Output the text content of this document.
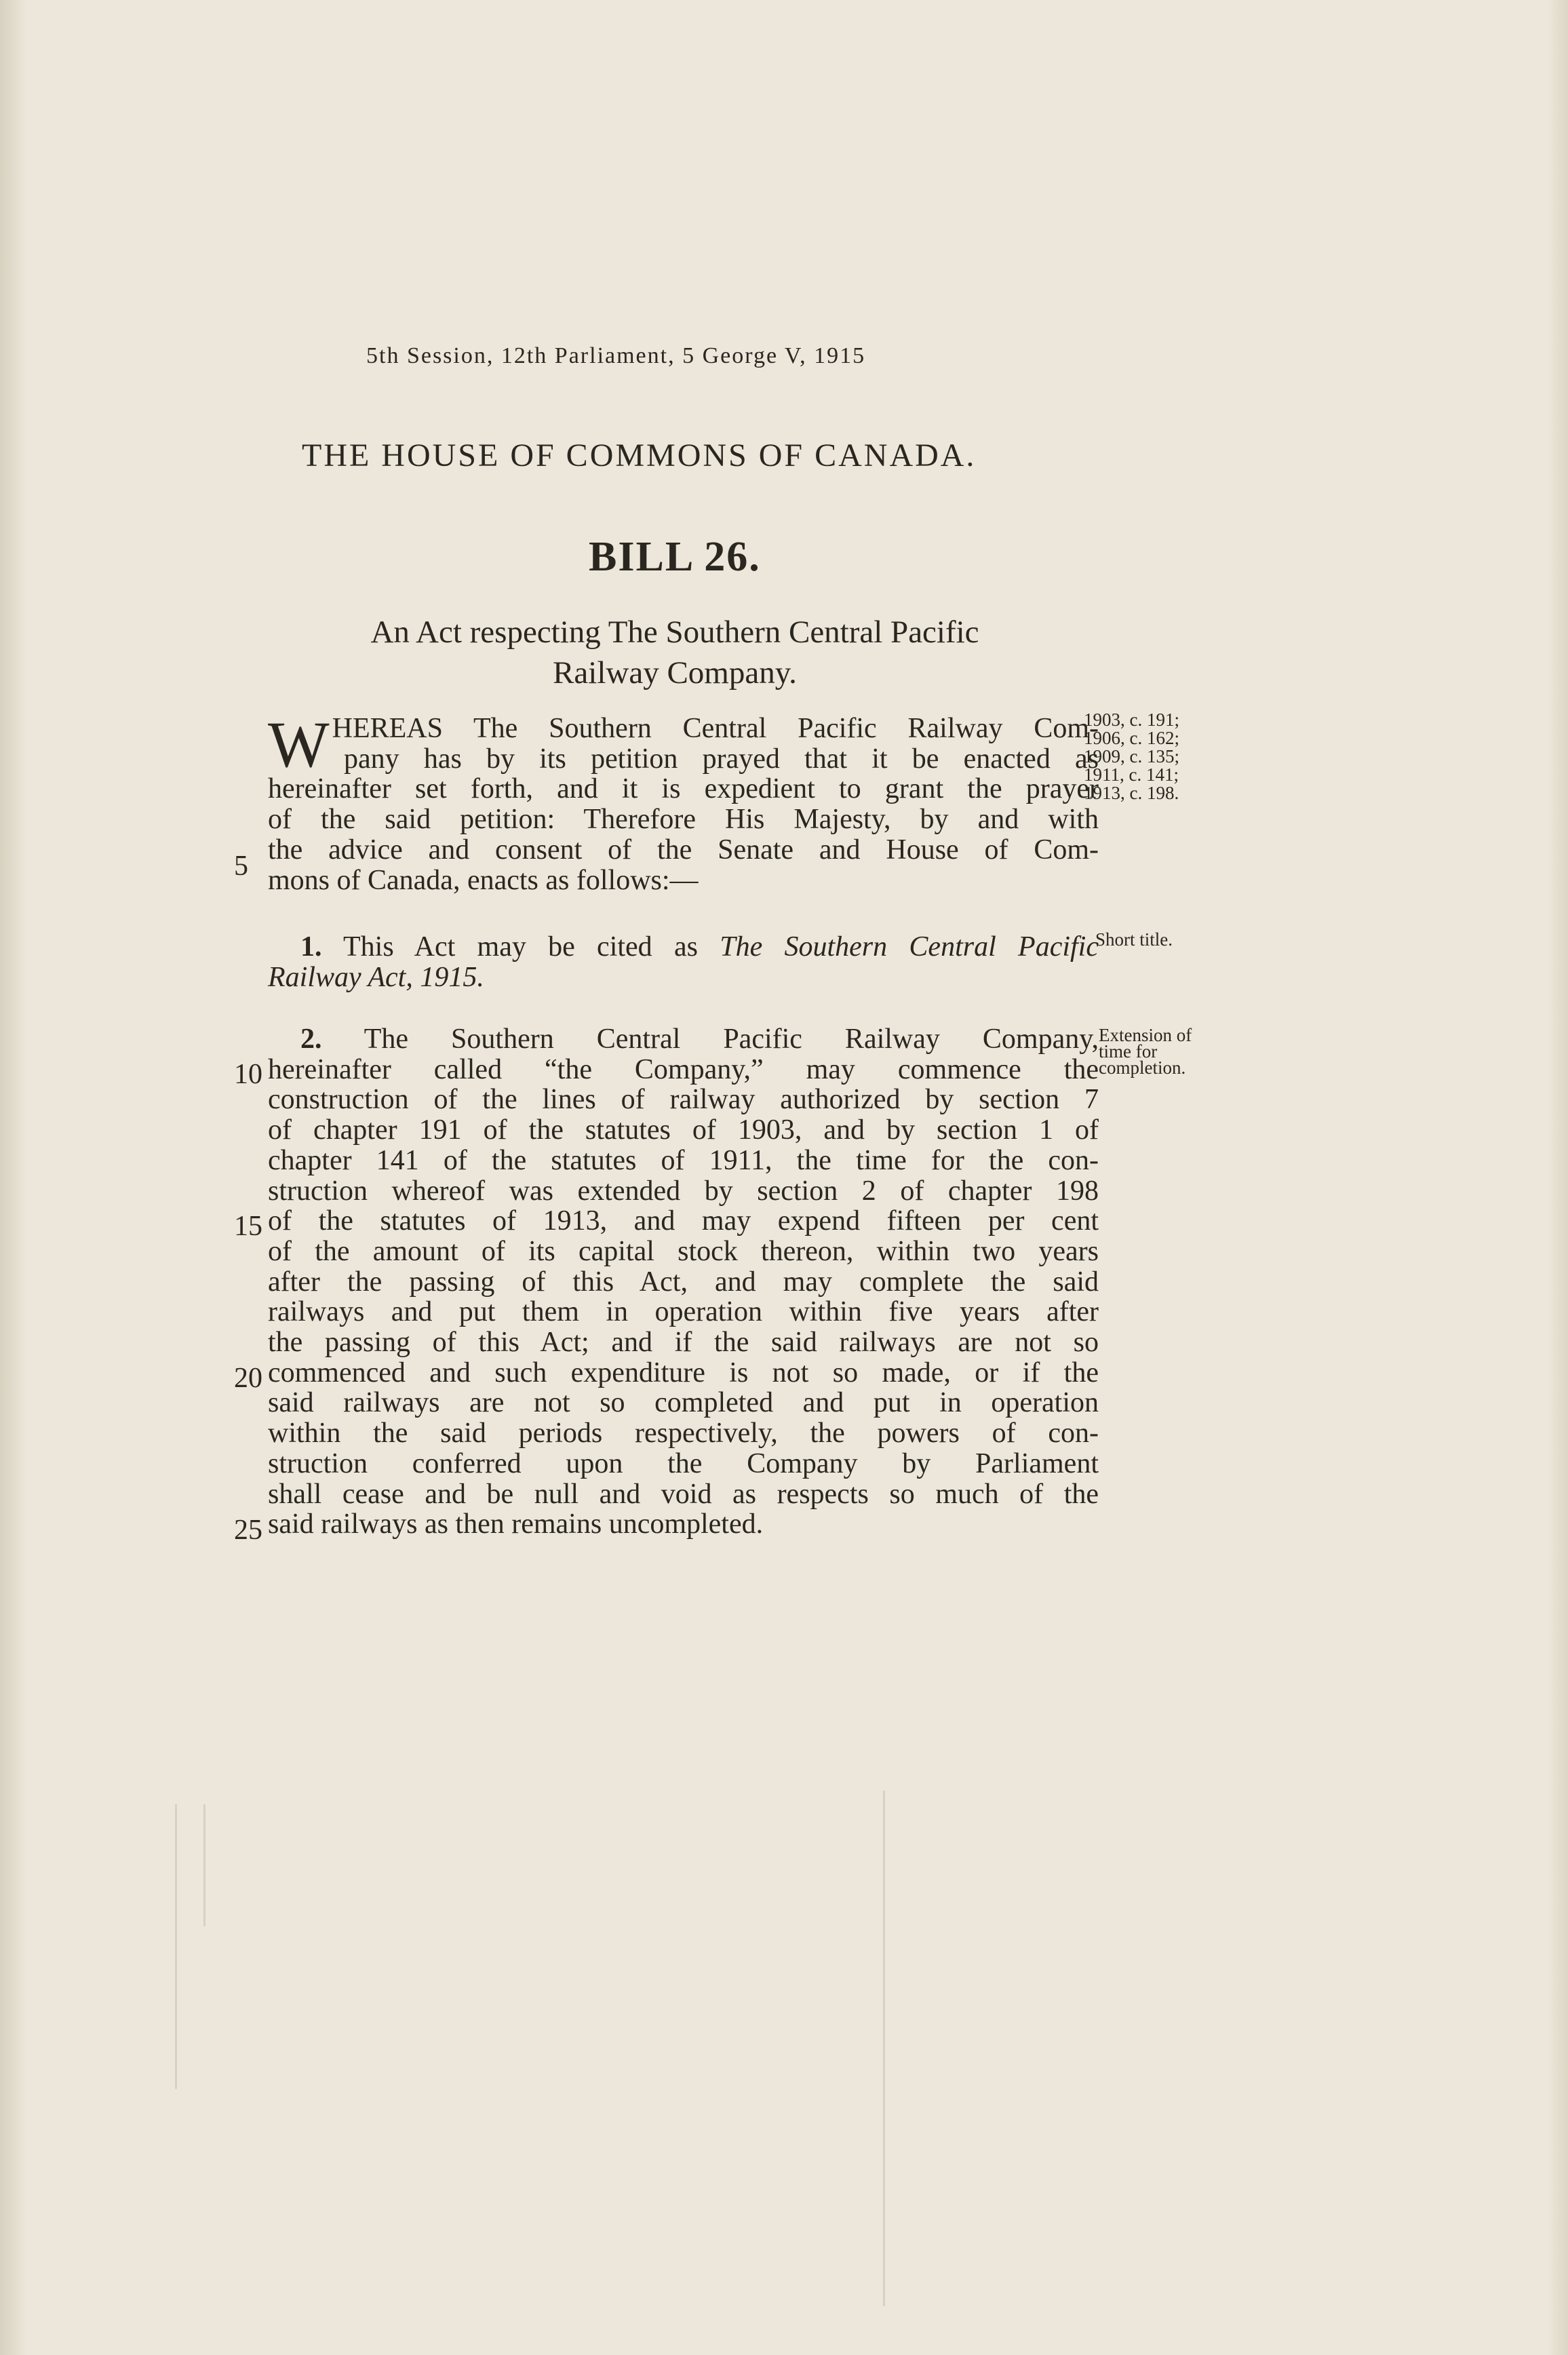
5th Session, 12th Parliament, 5 George V, 1915
THE HOUSE OF COMMONS OF CANADA.
BILL 26.
An Act respecting The Southern Central Pacific
Railway Company.
W HEREAS The Southern Central Pacific Railway Com-
pany has by its petition prayed that it be enacted as
hereinafter set forth, and it is expedient to grant the prayer
of the said petition: Therefore His Majesty, by and with
the advice and consent of the Senate and House of Com-
mons of Canada, enacts as follows:—
1903, c. 191;
1906, c. 162;
1909, c. 135;
1911, c. 141;
1913, c. 198.
1. This Act may be cited as The Southern Central Pacific
Railway Act, 1915.
Short title.
2. The Southern Central Pacific Railway Company,
hereinafter called “the Company,” may commence the
construction of the lines of railway authorized by section 7
of chapter 191 of the statutes of 1903, and by section 1 of
chapter 141 of the statutes of 1911, the time for the con-
struction whereof was extended by section 2 of chapter 198
of the statutes of 1913, and may expend fifteen per cent
of the amount of its capital stock thereon, within two years
after the passing of this Act, and may complete the said
railways and put them in operation within five years after
the passing of this Act; and if the said railways are not so
commenced and such expenditure is not so made, or if the
said railways are not so completed and put in operation
within the said periods respectively, the powers of con-
struction conferred upon the Company by Parliament
shall cease and be null and void as respects so much of the
said railways as then remains uncompleted.
Extension of
time for
completion.
5
10
15
20
25
